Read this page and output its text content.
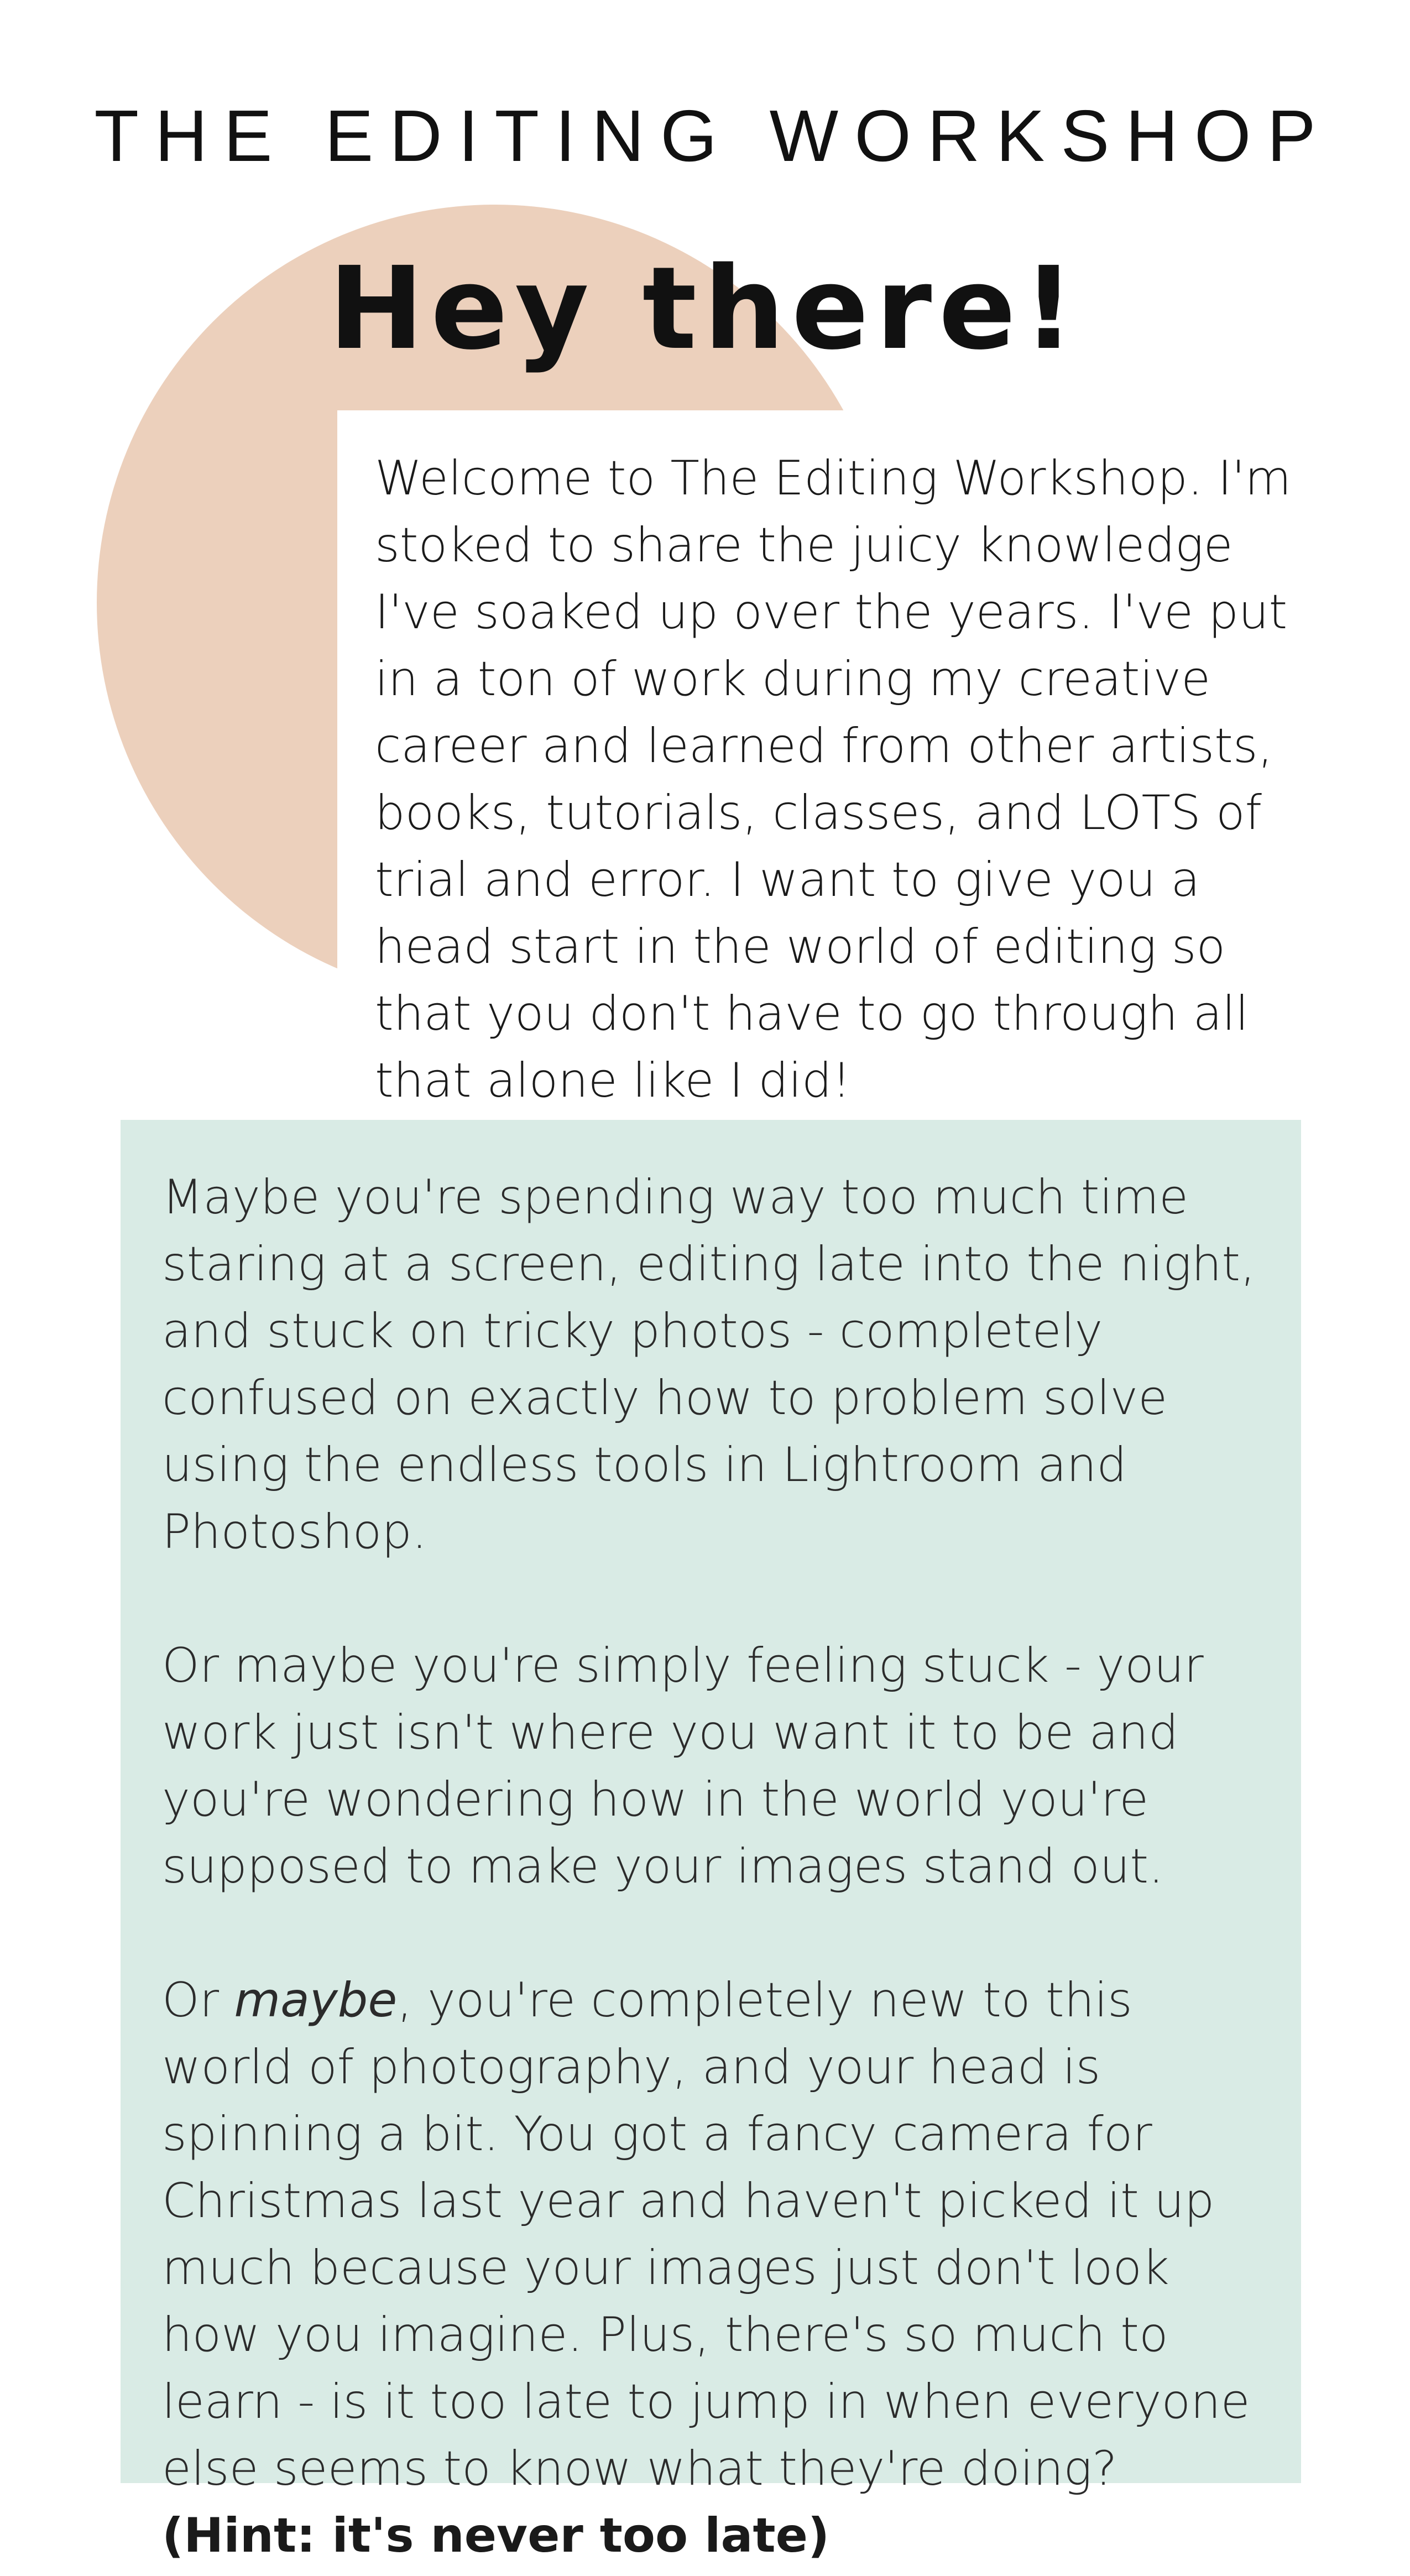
THE EDITING WORKSHOP
Hey there!

Welcome to The Editing Workshop. I'm stoked to share the juicy knowledge I've soaked up over the years. I've put in a ton of work during my creative career and learned from other artists, books, tutorials, classes, and LOTS of trial and error. I want to give you a head start in the world of editing so that you don't have to go through all that alone like I did!

Maybe you're spending way too much time staring at a screen, editing late into the night, and stuck on tricky photos - completely confused on exactly how to problem solve using the endless tools in Lightroom and Photoshop.

Or maybe you're simply feeling stuck - your work just isn't where you want it to be and you're wondering how in the world you're supposed to make your images stand out.

Or maybe, you're completely new to this world of photography, and your head is spinning a bit. You got a fancy camera for Christmas last year and haven't picked it up much because your images just don't look how you imagine. Plus, there's so much to learn - is it too late to jump in when everyone else seems to know what they're doing?
(Hint: it's never too late)
